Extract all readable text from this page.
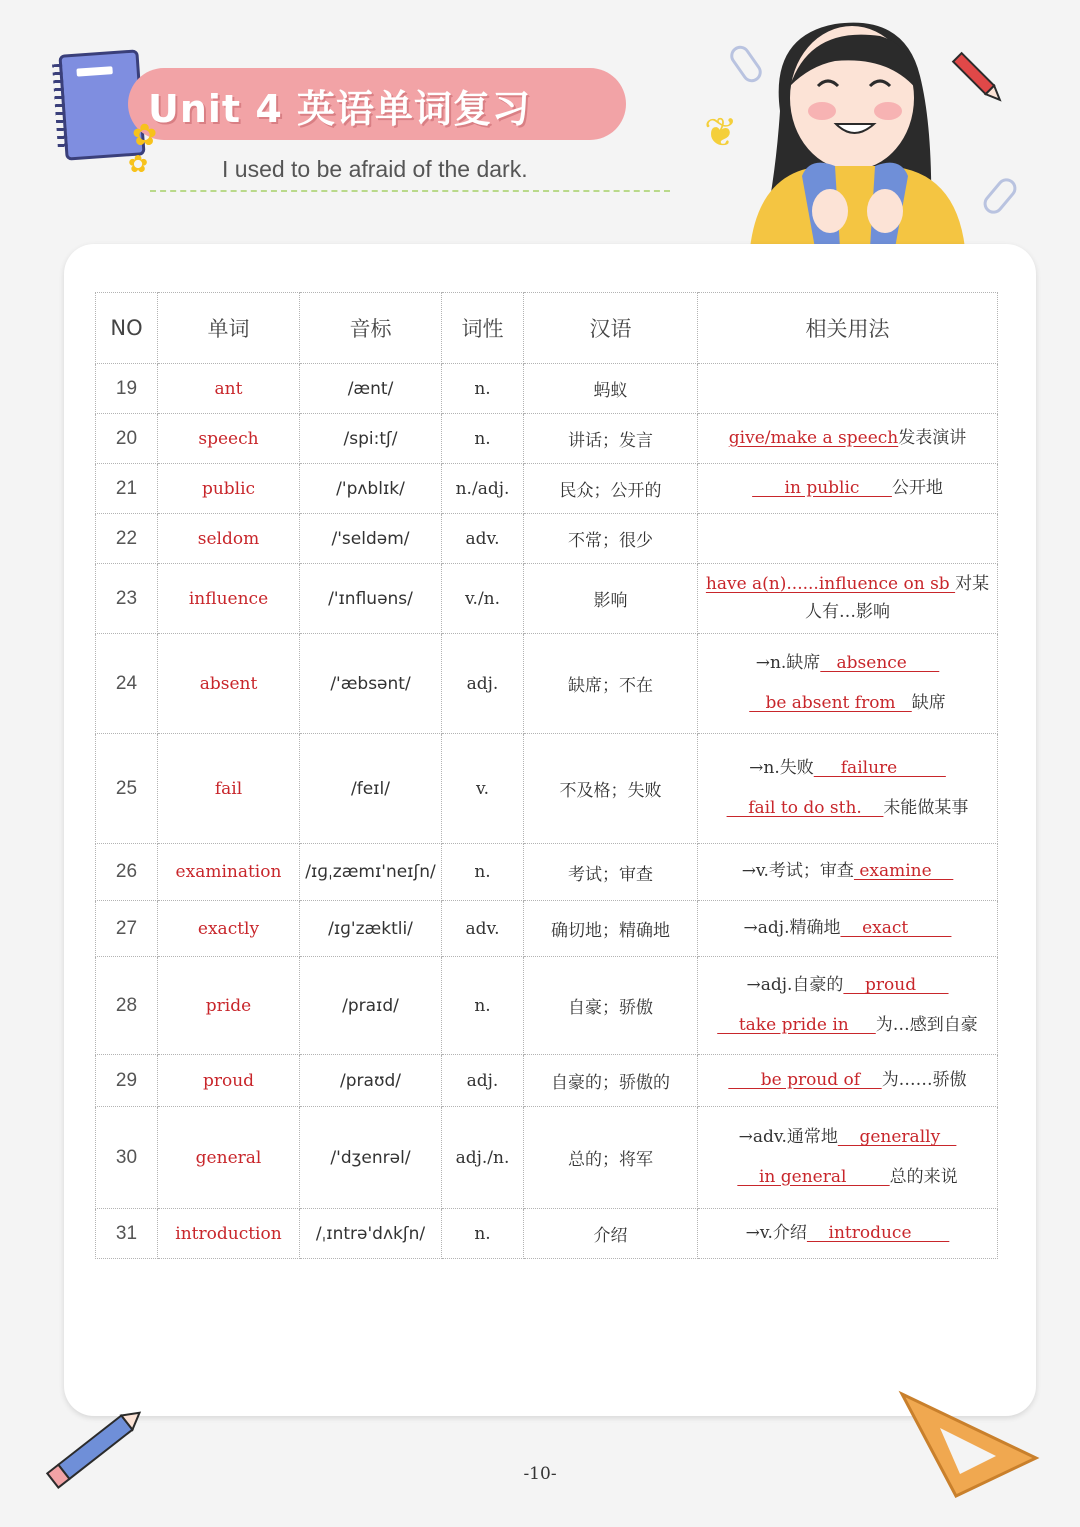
Unit 4 英语单词复习
I used to be afraid of the dark.
✿
✿
❦
NO	单词	音标	词性	汉语	相关用法
19	ant	/ænt/	n.	蚂蚁	
20	speech	/spi:tʃ/	n.	讲话；发言	give/make a speech发表演讲

21	public	/'pʌblɪk/	n./adj.	民众；公开的	in public      公开地

22	seldom	/'seldəm/	adv.	不常；很少	
23	influence	/'ɪnfluəns/	v./n.	影响	have a(n)......influence on sb 对某人有…影响

24	absent	/'æbsənt/	adj.	缺席；不在	→n.缺席   absence
be absent from   缺席

25	fail	/feɪl/	v.	不及格；失败	→n.失败     failure
fail to do sth.    未能做某事

26	examination	/ɪɡˌzæmɪ'neɪʃn/	n.	考试；审查	→v.考试；审查 examine

27	exactly	/ɪɡ'zæktli/	adv.	确切地；精确地	→adj.精确地    exact

28	pride	/praɪd/	n.	自豪；骄傲	→adj.自豪的    proud
take pride in     为…感到自豪

29	proud	/praʊd/	adj.	自豪的；骄傲的	be proud of    为……骄傲

30	general	/'dʒenrəl/	adj./n.	总的；将军	→adv.通常地    generally
in general        总的来说

31	introduction	/ˌɪntrə'dʌkʃn/	n.	介绍	→v.介绍    introduce
-10-
